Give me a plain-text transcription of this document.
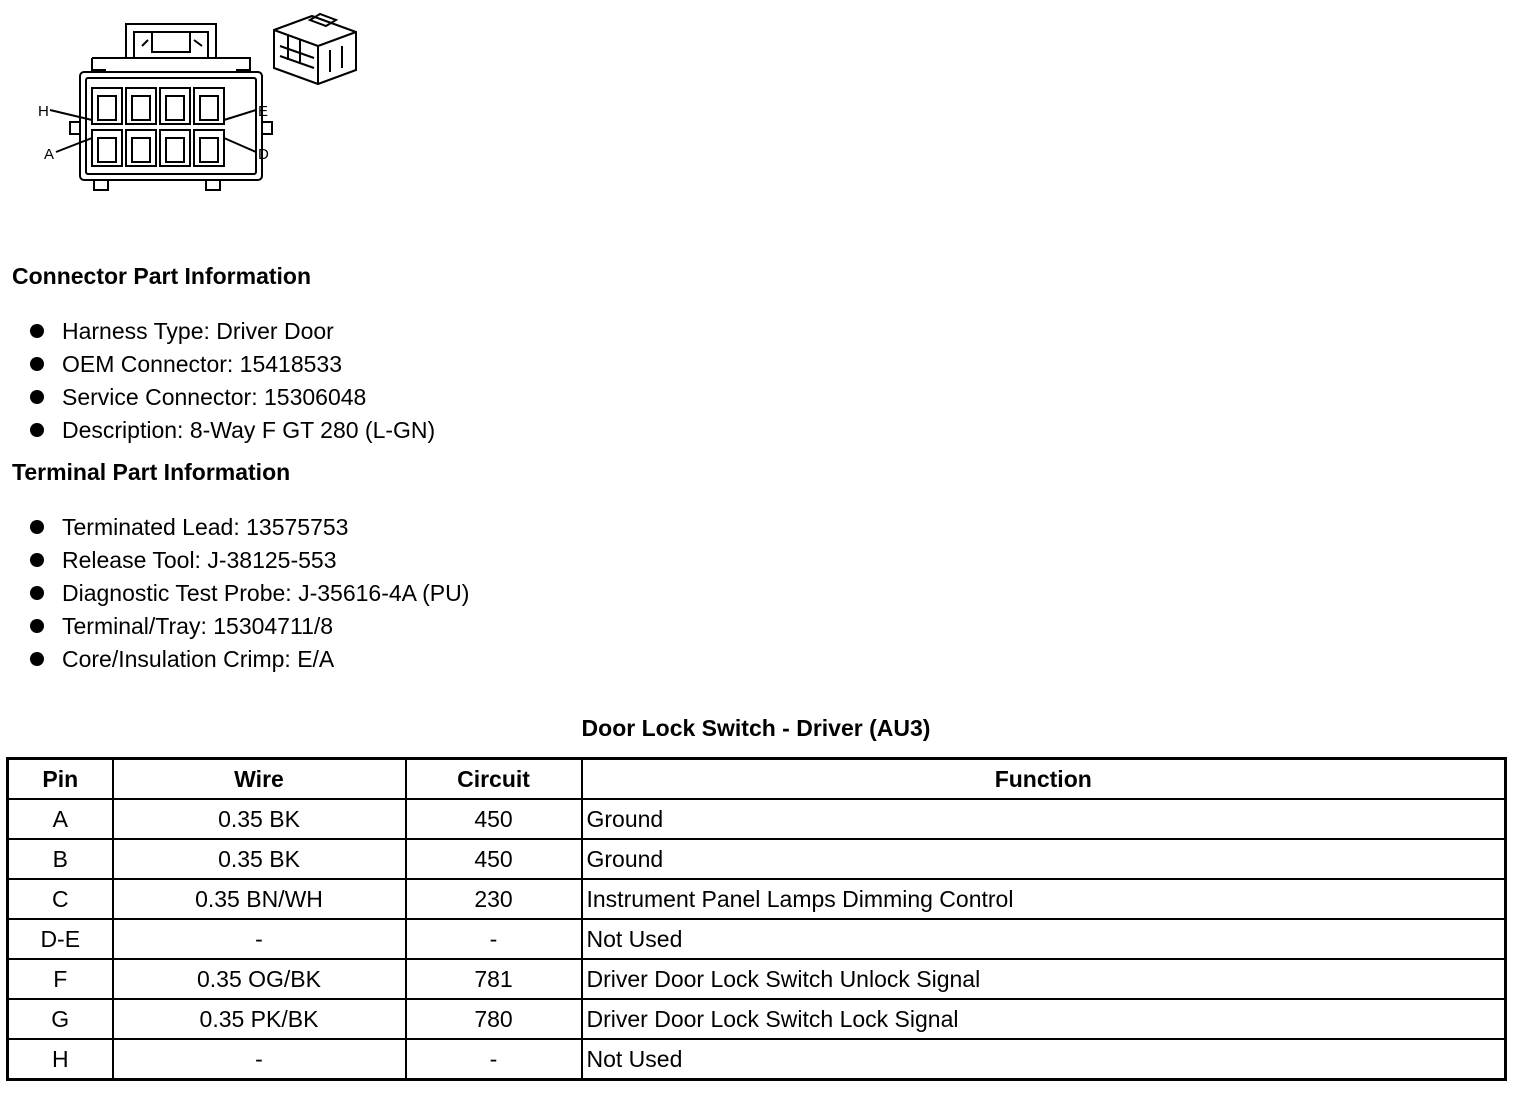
H
A
E
D
Connector Part Information
Harness Type: Driver Door
OEM Connector: 15418533
Service Connector: 15306048
Description: 8-Way F GT 280 (L-GN)
Terminal Part Information
Terminated Lead: 13575753
Release Tool: J-38125-553
Diagnostic Test Probe: J-35616-4A (PU)
Terminal/Tray: 15304711/8
Core/Insulation Crimp: E/A
Door Lock Switch - Driver (AU3)
Pin	Wire	Circuit	Function
A	0.35 BK	450	Ground
B	0.35 BK	450	Ground
C	0.35 BN/WH	230	Instrument Panel Lamps Dimming Control
D-E	-	-	Not Used
F	0.35 OG/BK	781	Driver Door Lock Switch Unlock Signal
G	0.35 PK/BK	780	Driver Door Lock Switch Lock Signal
H	-	-	Not Used
